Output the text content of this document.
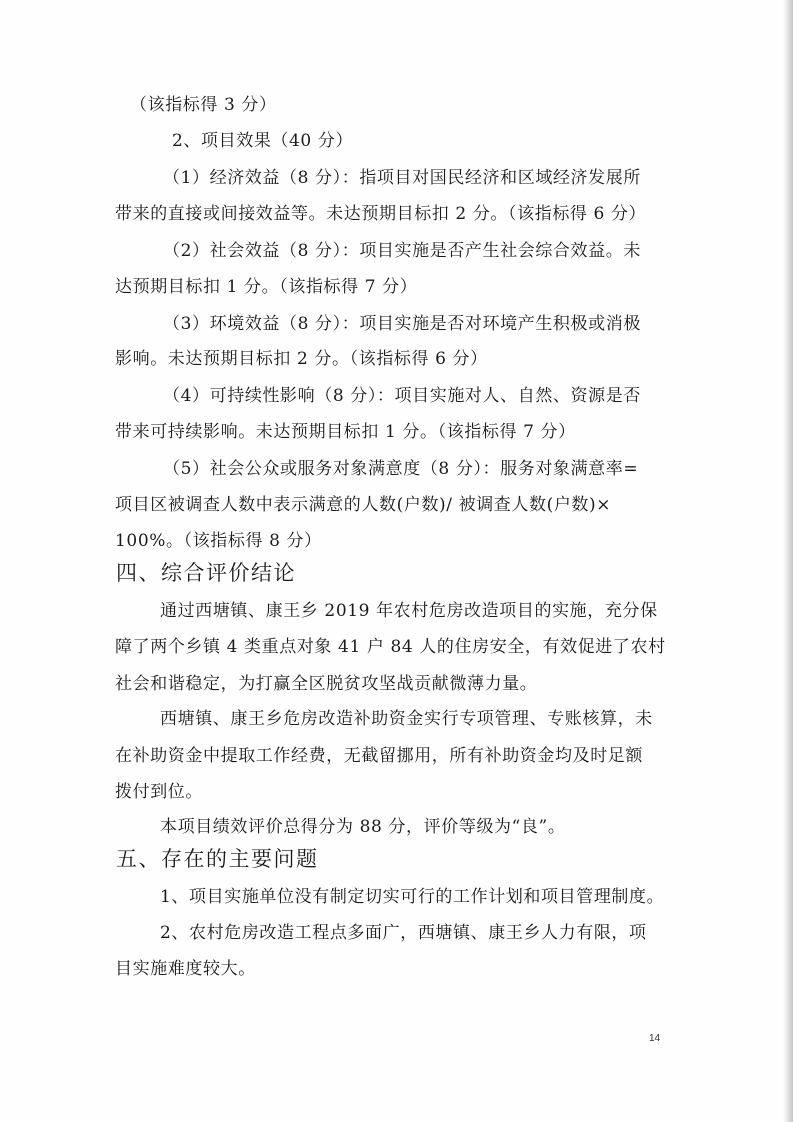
（该指标得 3 分）
2、项目效果（40 分）
（1）经济效益（8 分）：指项目对国民经济和区域经济发展所
带来的直接或间接效益等。未达预期目标扣 2 分。（该指标得 6 分）
（2）社会效益（8 分）：项目实施是否产生社会综合效益。未
达预期目标扣 1 分。（该指标得 7 分）
（3）环境效益（8 分）：项目实施是否对环境产生积极或消极
影响。未达预期目标扣 2 分。（该指标得 6 分）
（4）可持续性影响（8 分）：项目实施对人、自然、资源是否
带来可持续影响。未达预期目标扣 1 分。（该指标得 7 分）
（5）社会公众或服务对象满意度（8 分）：服务对象满意率=
项目区被调查人数中表示满意的人数(户数)/ 被调查人数(户数)×
100%。（该指标得 8 分）
四、综合评价结论
通过西塘镇、康王乡 2019 年农村危房改造项目的实施，充分保
障了两个乡镇 4 类重点对象 41 户 84 人的住房安全，有效促进了农村
社会和谐稳定，为打赢全区脱贫攻坚战贡献微薄力量。
西塘镇、康王乡危房改造补助资金实行专项管理、专账核算，未
在补助资金中提取工作经费，无截留挪用，所有补助资金均及时足额
拨付到位。
本项目绩效评价总得分为 88 分，评价等级为“良”。
五、存在的主要问题
1、项目实施单位没有制定切实可行的工作计划和项目管理制度。
2、农村危房改造工程点多面广，西塘镇、康王乡人力有限，项
目实施难度较大。
14
